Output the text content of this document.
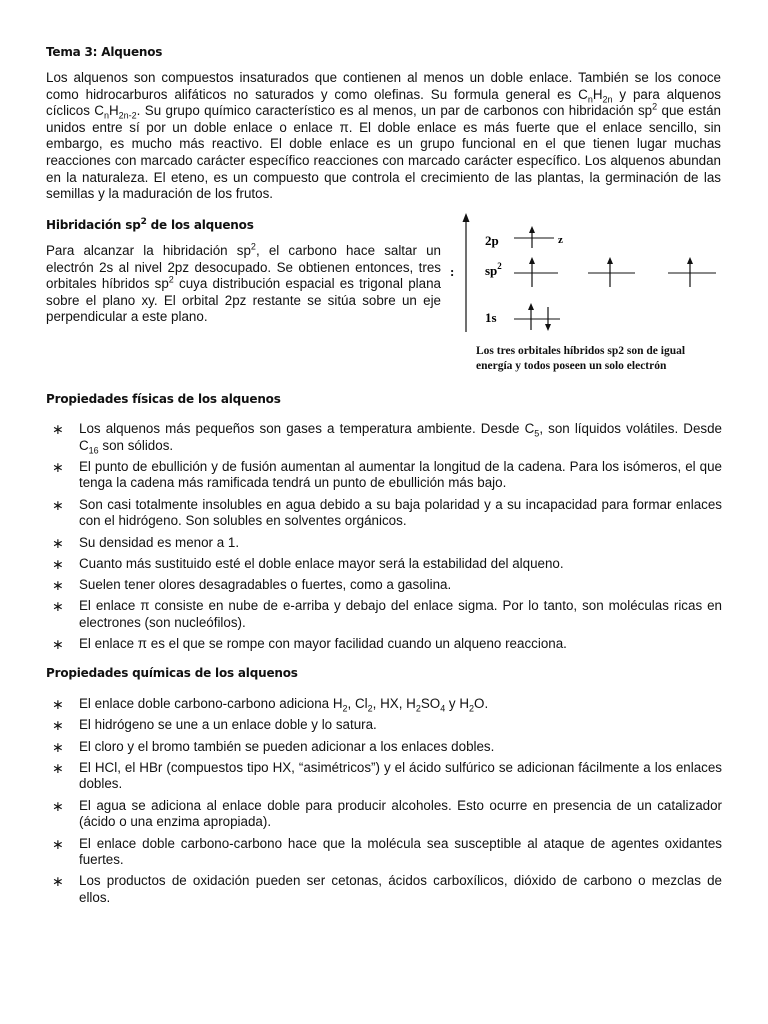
Tema 3: Alquenos

Los alquenos son compuestos insaturados que contienen al menos un doble enlace. También se los conoce como hidrocarburos alifáticos no saturados y como olefinas. Su formula general es $C_nH_{2n}$ y para alquenos cíclicos $C_nH_{2n-2}$. Su grupo químico característico es al menos, un par de carbonos con hibridación $sp^2$ que están unidos entre sí por un doble enlace o enlace π. El doble enlace es más fuerte que el enlace sencillo, sin embargo, es mucho más reactivo. El doble enlace es un grupo funcional en el que tienen lugar muchas reacciones con marcado carácter específico reacciones con marcado carácter específico. Los alquenos abundan en la naturaleza. El eteno, es un compuesto que controla el crecimiento de las plantas, la germinación de las semillas y la maduración de los frutos.

Hibridación $sp^2$ de los alquenos

Para alcanzar la hibridación $sp^2$, el carbono hace saltar un electrón 2s al nivel 2pz desocupado. Se obtienen entonces, tres orbitales híbridos $sp^2$ cuya distribución espacial es trigonal plana sobre el plano xy. El orbital 2pz restante se sitúa sobre un eje perpendicular a este plano.

2p	z
$sp^2$
:
1s

Los tres orbitales híbridos sp2 son de igual energía y todos poseen un solo electrón

Propiedades físicas de los alquenos
∗ Los alquenos más pequeños son gases a temperatura ambiente. Desde $C_5$, son líquidos volátiles. Desde $C_{16}$ son sólidos.
∗ El punto de ebullición y de fusión aumentan al aumentar la longitud de la cadena. Para los isómeros, el que tenga la cadena más ramificada tendrá un punto de ebullición más bajo.
∗ Son casi totalmente insolubles en agua debido a su baja polaridad y a su incapacidad para formar enlaces con el hidrógeno. Son solubles en solventes orgánicos.
∗ Su densidad es menor a 1.
∗ Cuanto más sustituido esté el doble enlace mayor será la estabilidad del alqueno.
∗ Suelen tener olores desagradables o fuertes, como a gasolina.
∗ El enlace π consiste en nube de e-arriba y debajo del enlace sigma. Por lo tanto, son moléculas ricas en electrones (son nucleófilos).
∗ El enlace π es el que se rompe con mayor facilidad cuando un alqueno reacciona.
Propiedades químicas de los alquenos
∗ El enlace doble carbono-carbono adiciona $H_2$, $Cl_2$, HX, $H_2SO_4$ y $H_2O$.
∗ El hidrógeno se une a un enlace doble y lo satura.
∗ El cloro y el bromo también se pueden adicionar a los enlaces dobles.
∗ El HCl, el HBr (compuestos tipo HX, “asimétricos”) y el ácido sulfúrico se adicionan fácilmente a los enlaces dobles.
∗ El agua se adiciona al enlace doble para producir alcoholes. Esto ocurre en presencia de un catalizador (ácido o una enzima apropiada).
∗ El enlace doble carbono-carbono hace que la molécula sea susceptible al ataque de agentes oxidantes fuertes.
∗ Los productos de oxidación pueden ser cetonas, ácidos carboxílicos, dióxido de carbono o mezclas de ellos.
